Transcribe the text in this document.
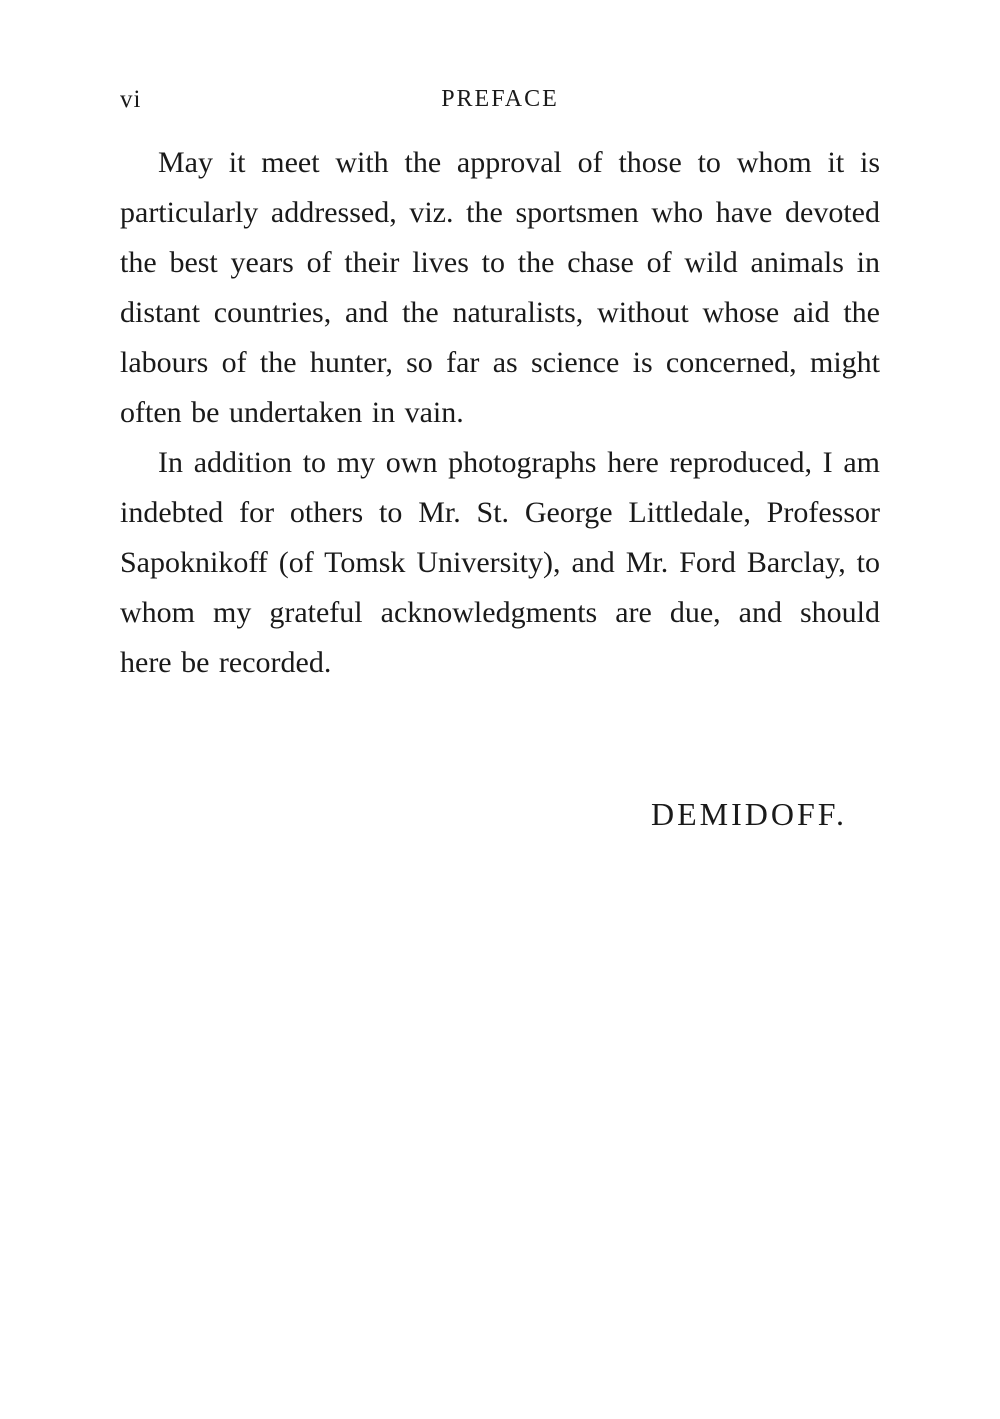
vi	PREFACE

May it meet with the approval of those to whom it is particularly addressed, viz. the sportsmen who have devoted the best years of their lives to the chase of wild animals in distant countries, and the naturalists, without whose aid the labours of the hunter, so far as science is concerned, might often be undertaken in vain.

In addition to my own photographs here reproduced, I am indebted for others to Mr. St. George Littledale, Professor Sapoknikoff (of Tomsk University), and Mr. Ford Barclay, to whom my grateful acknowledgments are due, and should here be recorded.

DEMIDOFF.
